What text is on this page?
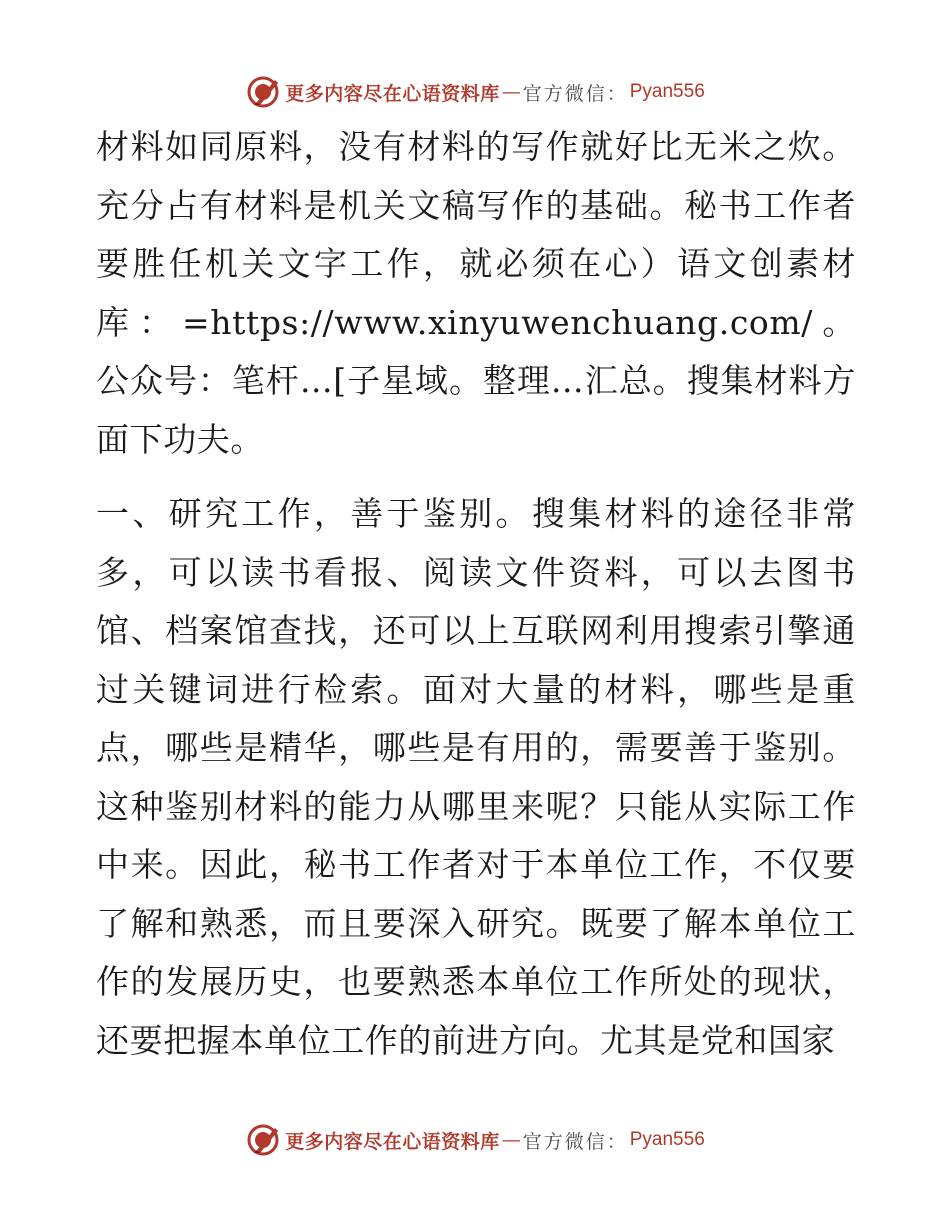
更多内容尽在心语资料库 — 官方微信： Pyan556

材料如同原料，没有材料的写作就好比无米之炊。充分占有材料是机关文稿写作的基础。秘书工作者要胜任机关文字工作，就必须在心）语文创素材库：=https://www.xinyuwenchuang.com/。公众号：笔杆…[子星域。整理…汇总。搜集材料方面下功夫。

一、研究工作，善于鉴别。搜集材料的途径非常多，可以读书看报、阅读文件资料，可以去图书馆、档案馆查找，还可以上互联网利用搜索引擎通过关键词进行检索。面对大量的材料，哪些是重点，哪些是精华，哪些是有用的，需要善于鉴别。这种鉴别材料的能力从哪里来呢？只能从实际工作中来。因此，秘书工作者对于本单位工作，不仅要了解和熟悉，而且要深入研究。既要了解本单位工作的发展历史，也要熟悉本单位工作所处的现状，还要把握本单位工作的前进方向。尤其是党和国家

更多内容尽在心语资料库 — 官方微信： Pyan556
